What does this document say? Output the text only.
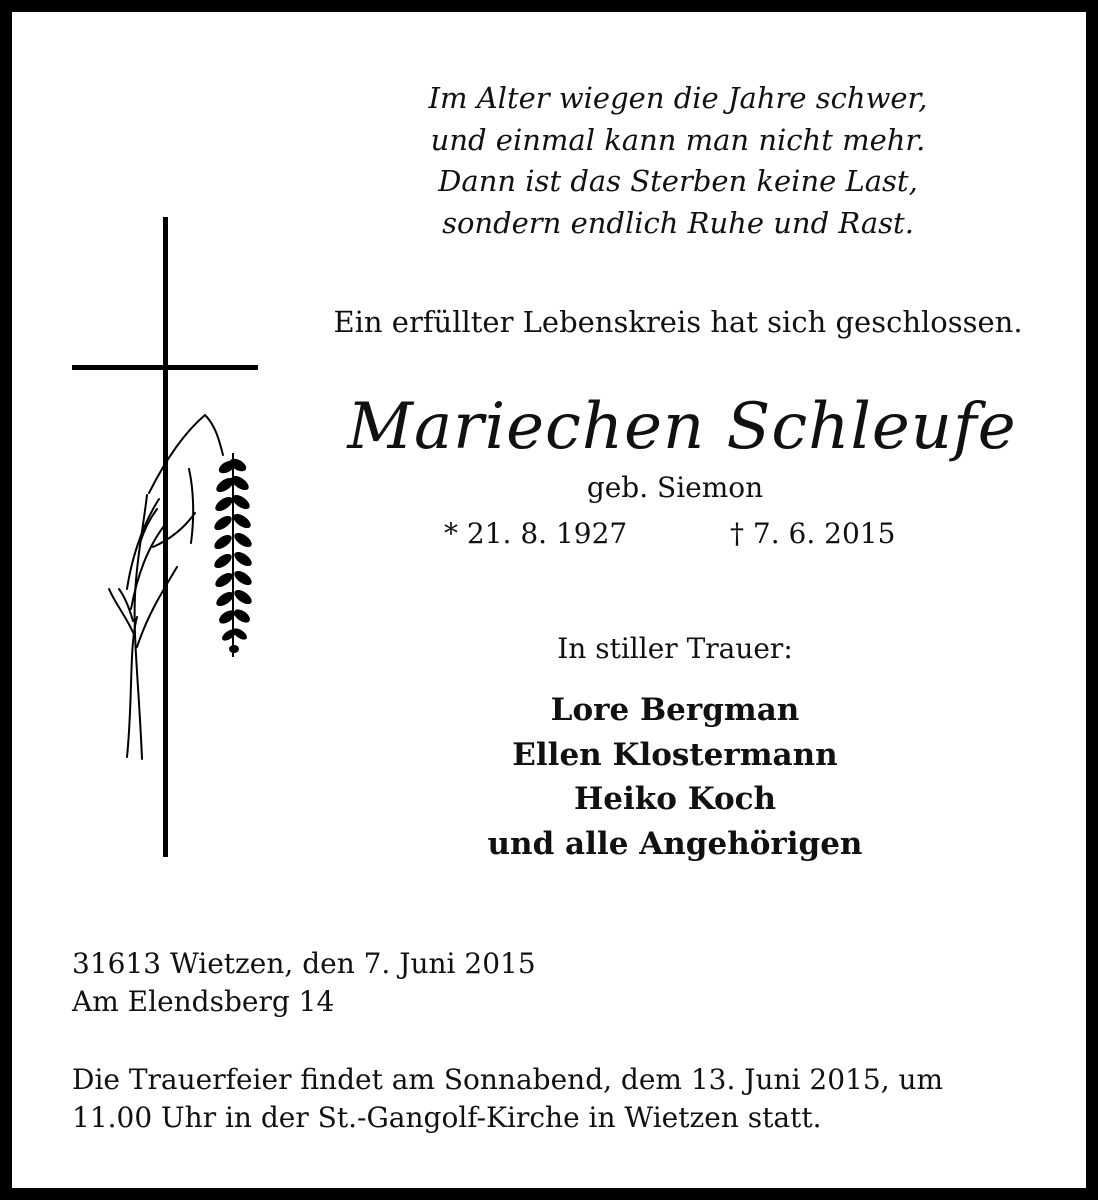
Im Alter wiegen die Jahre schwer,
und einmal kann man nicht mehr.
Dann ist das Sterben keine Last,
sondern endlich Ruhe und Rast.
Ein erfüllter Lebenskreis hat sich geschlossen.
Mariechen Schleufe
geb. Siemon
* 21. 8. 1927	† 7. 6. 2015
In stiller Trauer:
Lore Bergman
Ellen Klostermann
Heiko Koch
und alle Angehörigen
31613 Wietzen, den 7. Juni 2015
Am Elendsberg 14
Die Trauerfeier findet am Sonnabend, dem 13. Juni 2015, um
11.00 Uhr in der St.-Gangolf-Kirche in Wietzen statt.
